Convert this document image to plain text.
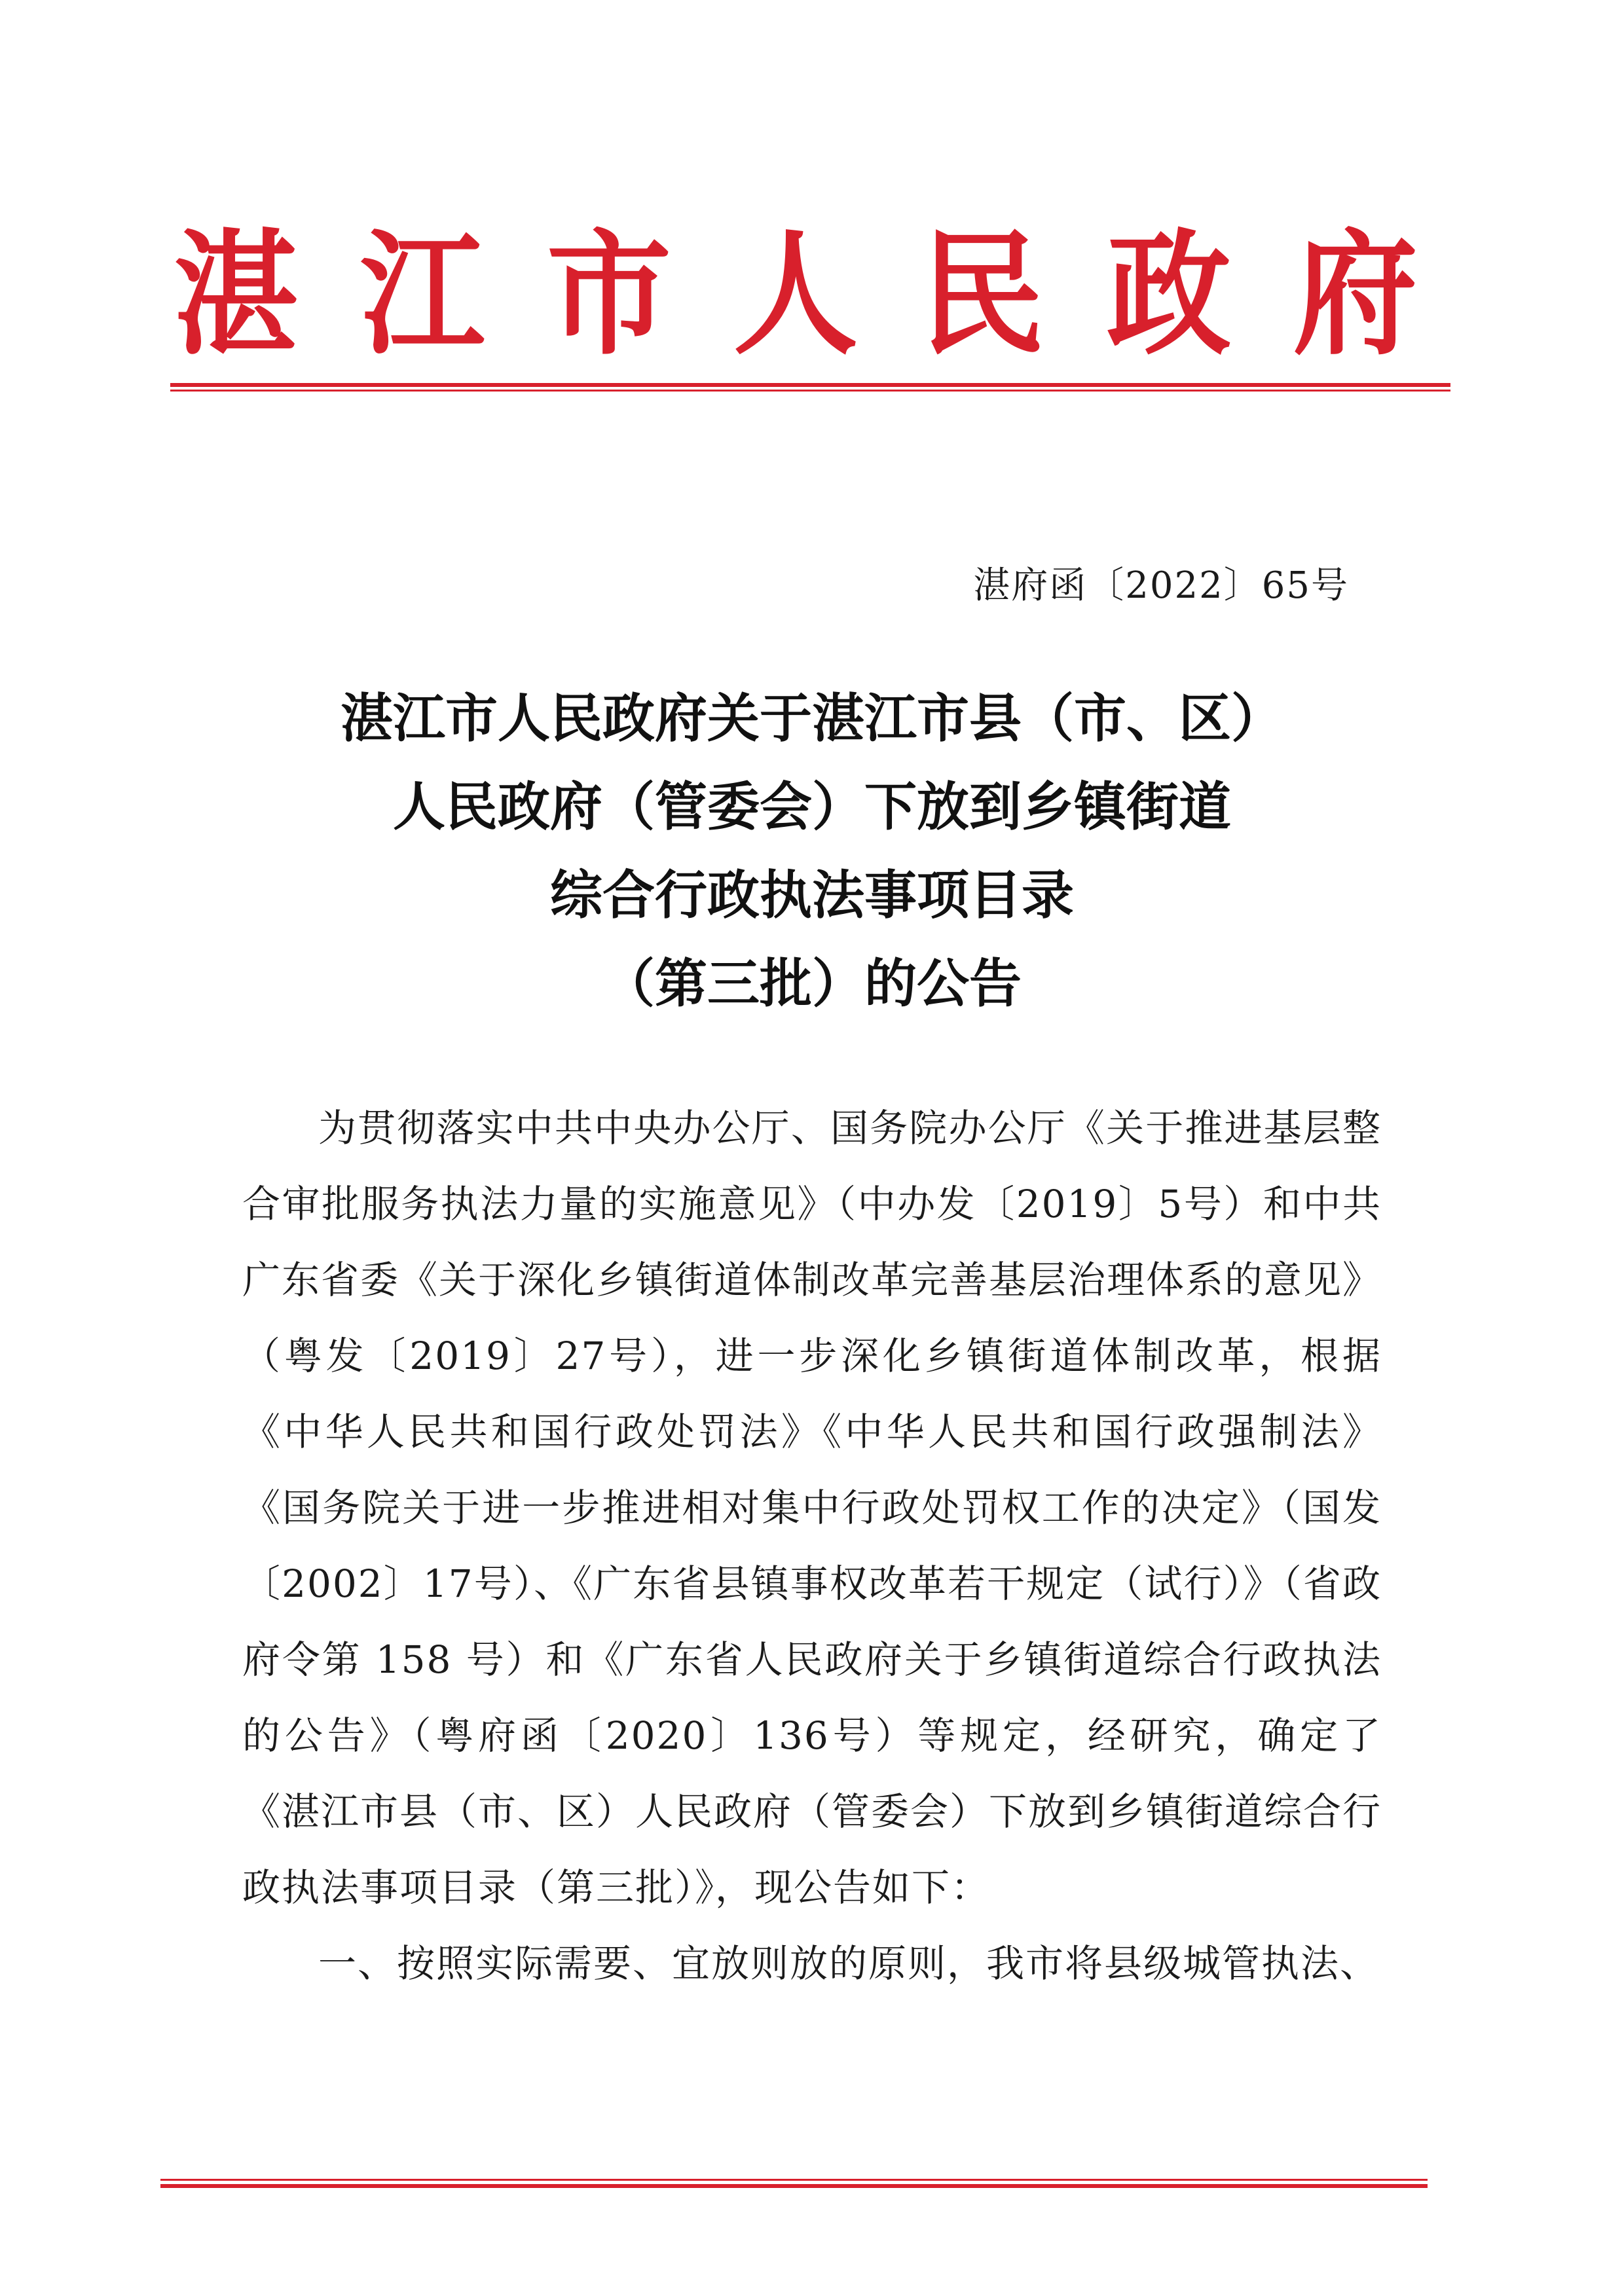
湛 江 市 人 民 政 府
湛府函〔2022〕65号
湛江市人民政府关于湛江市县（市、区）
人民政府（管委会）下放到乡镇街道
综合行政执法事项目录
（第三批）的公告

为贯彻落实中共中央办公厅、国务院办公厅《关于推进基层整合审批服务执法力量的实施意见》（中办发〔2019〕5号）和中共广东省委《关于深化乡镇街道体制改革完善基层治理体系的意见》（粤发〔2019〕27号），进一步深化乡镇街道体制改革，根据《中华人民共和国行政处罚法》《中华人民共和国行政强制法》《国务院关于进一步推进相对集中行政处罚权工作的决定》（国发〔2002〕17号）、《广东省县镇事权改革若干规定（试行）》（省政府令第 158 号）和《广东省人民政府关于乡镇街道综合行政执法的公告》（粤府函〔2020〕136号）等规定，经研究，确定了《湛江市县（市、区）人民政府（管委会）下放到乡镇街道综合行政执法事项目录（第三批）》，现公告如下：

一、按照实际需要、宜放则放的原则，我市将县级城管执法、
